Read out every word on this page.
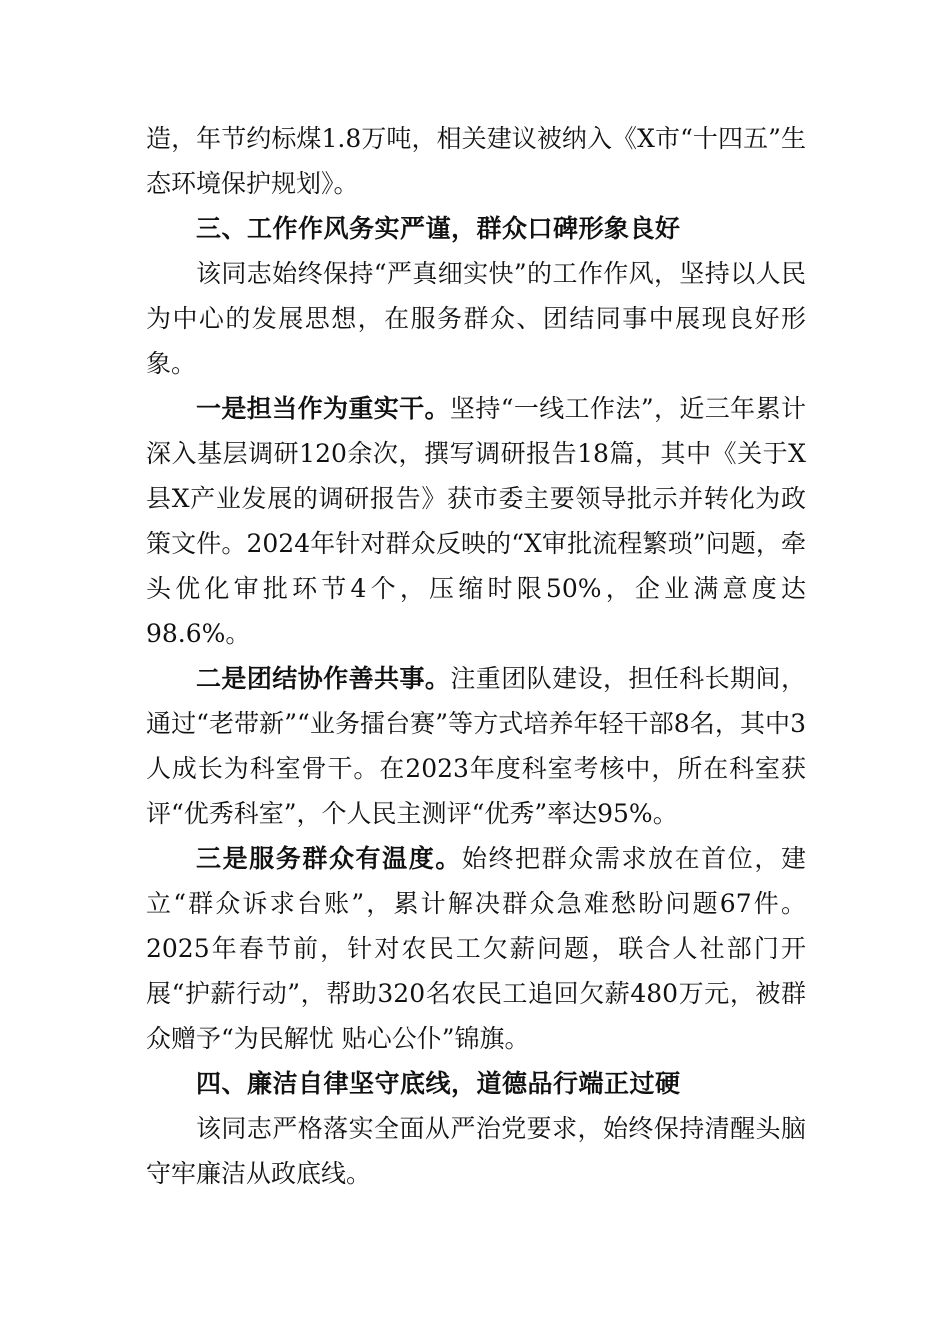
造，年节约标煤1.8万吨，相关建议被纳入《X市“十四五”生态环境保护规划》。

三、工作作风务实严谨，群众口碑形象良好

该同志始终保持“严真细实快”的工作作风，坚持以人民为中心的发展思想，在服务群众、团结同事中展现良好形象。

一是担当作为重实干。坚持“一线工作法”，近三年累计深入基层调研120余次，撰写调研报告18篇，其中《关于X县X产业发展的调研报告》获市委主要领导批示并转化为政策文件。2024年针对群众反映的“X审批流程繁琐”问题，牵头优化审批环节4个，压缩时限50%，企业满意度达98.6%。

二是团结协作善共事。注重团队建设，担任科长期间，通过“老带新”“业务擂台赛”等方式培养年轻干部8名，其中3人成长为科室骨干。在2023年度科室考核中，所在科室获评“优秀科室”，个人民主测评“优秀”率达95%。

三是服务群众有温度。始终把群众需求放在首位，建立“群众诉求台账”，累计解决群众急难愁盼问题67件。2025年春节前，针对农民工欠薪问题，联合人社部门开展“护薪行动”，帮助320名农民工追回欠薪480万元，被群众赠予“为民解忧 贴心公仆”锦旗。

四、廉洁自律坚守底线，道德品行端正过硬

该同志严格落实全面从严治党要求，始终保持清醒头脑守牢廉洁从政底线。
